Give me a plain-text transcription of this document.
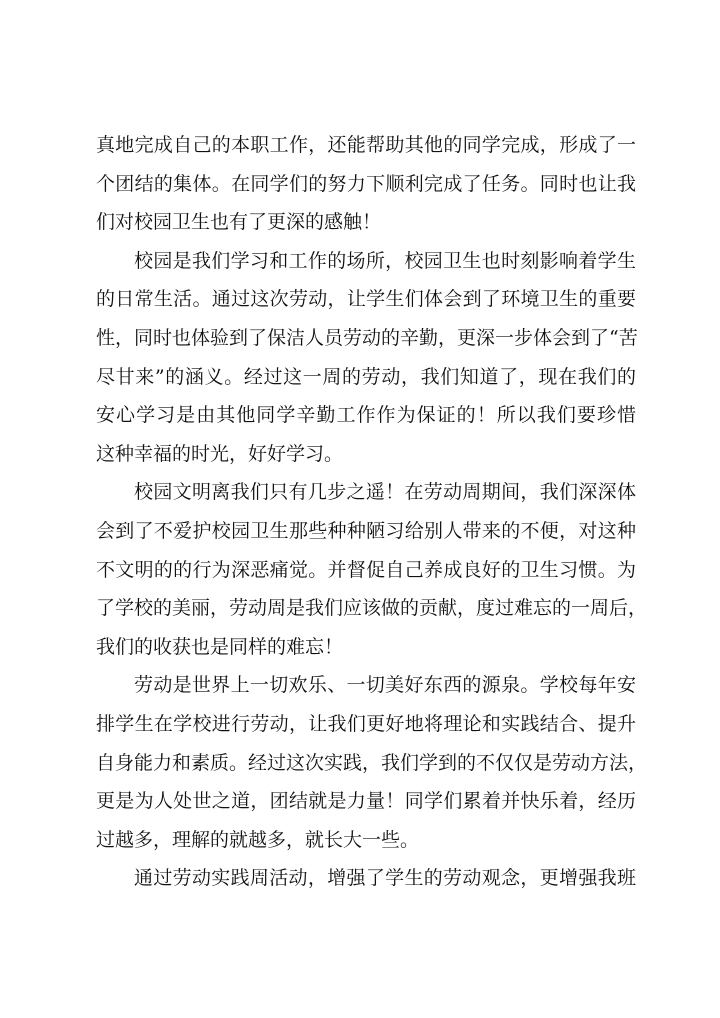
真地完成自己的本职工作，还能帮助其他的同学完成，形成了一
个团结的集体。在同学们的努力下顺利完成了任务。同时也让我
们对校园卫生也有了更深的感触！
校园是我们学习和工作的场所，校园卫生也时刻影响着学生
的日常生活。通过这次劳动，让学生们体会到了环境卫生的重要
性，同时也体验到了保洁人员劳动的辛勤，更深一步体会到了“苦
尽甘来”的涵义。经过这一周的劳动，我们知道了，现在我们的
安心学习是由其他同学辛勤工作作为保证的！所以我们要珍惜
这种幸福的时光，好好学习。
校园文明离我们只有几步之遥！在劳动周期间，我们深深体
会到了不爱护校园卫生那些种种陋习给别人带来的不便，对这种
不文明的的行为深恶痛觉。并督促自己养成良好的卫生习惯。为
了学校的美丽，劳动周是我们应该做的贡献，度过难忘的一周后，
我们的收获也是同样的难忘！
劳动是世界上一切欢乐、一切美好东西的源泉。学校每年安
排学生在学校进行劳动，让我们更好地将理论和实践结合、提升
自身能力和素质。经过这次实践，我们学到的不仅仅是劳动方法，
更是为人处世之道，团结就是力量！同学们累着并快乐着，经历
过越多，理解的就越多，就长大一些。
通过劳动实践周活动，增强了学生的劳动观念，更增强我班
